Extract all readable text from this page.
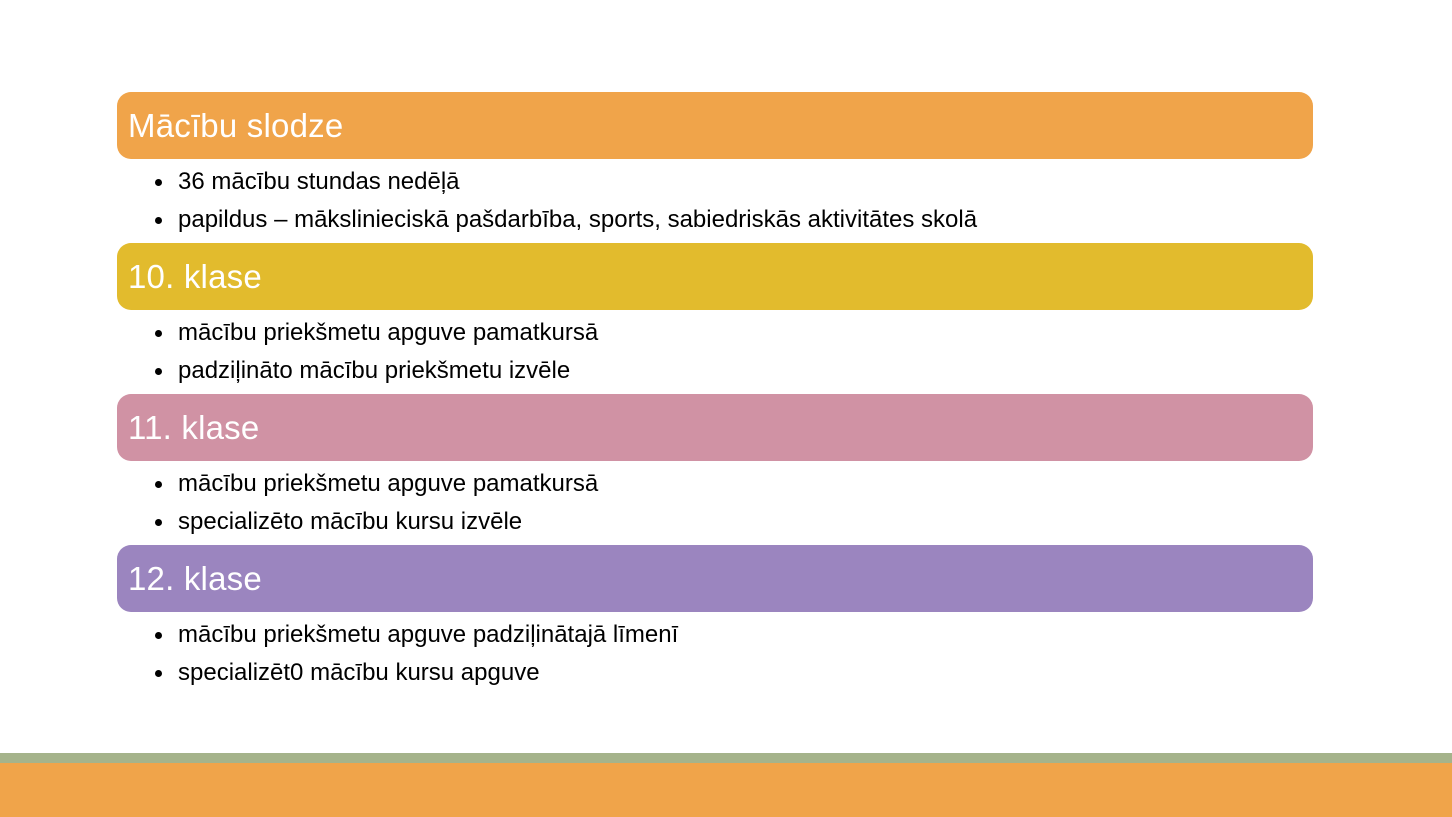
Mācību slodze
36 mācību stundas nedēļā
papildus – mākslinieciskā pašdarbība, sports, sabiedriskās aktivitātes skolā
10. klase
mācību priekšmetu apguve pamatkursā
padziļināto mācību priekšmetu izvēle
11. klase
mācību priekšmetu apguve pamatkursā
specializēto mācību kursu izvēle
12. klase
mācību priekšmetu apguve padziļinātajā līmenī
specializēt0 mācību kursu apguve
